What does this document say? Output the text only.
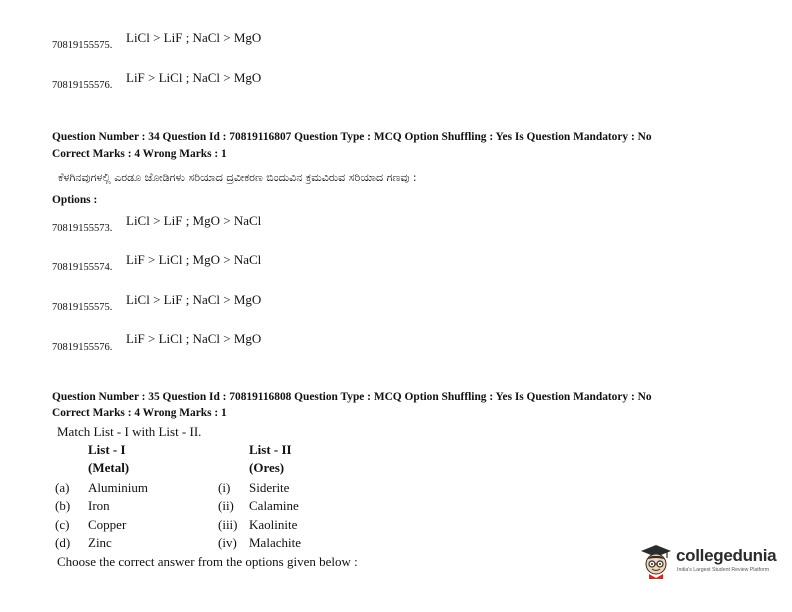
70819155575.
LiCl > LiF ; NaCl > MgO
70819155576.
LiF > LiCl ; NaCl > MgO
Question Number : 34 Question Id : 70819116807 Question Type : MCQ Option Shuffling : Yes Is Question Mandatory : No
Correct Marks : 4 Wrong Marks : 1
ಕೆಳಗಿನವುಗಳಲ್ಲಿ ಎರಡೂ ಜೋಡಿಗಳು ಸರಿಯಾದ ದ್ರವೀಕರಣ ಬಿಂದುವಿನ ಕ್ರಮವಿರುವ ಸರಿಯಾದ ಗಣವು :
Options :
70819155573.
LiCl > LiF ; MgO > NaCl
70819155574.
LiF > LiCl ; MgO > NaCl
70819155575.
LiCl > LiF ; NaCl > MgO
70819155576.
LiF > LiCl ; NaCl > MgO
Question Number : 35 Question Id : 70819116808 Question Type : MCQ Option Shuffling : Yes Is Question Mandatory : No
Correct Marks : 4 Wrong Marks : 1
Match List - I with List - II.
List - I	List - II
(Metal)	(Ores)
(a) Aluminium	(i) Siderite
(b) Iron	(ii) Calamine
(c) Copper	(iii) Kaolinite
(d) Zinc	(iv) Malachite
Choose the correct answer from the options given below :	collegedunia
India's Largest Student Review Platform
